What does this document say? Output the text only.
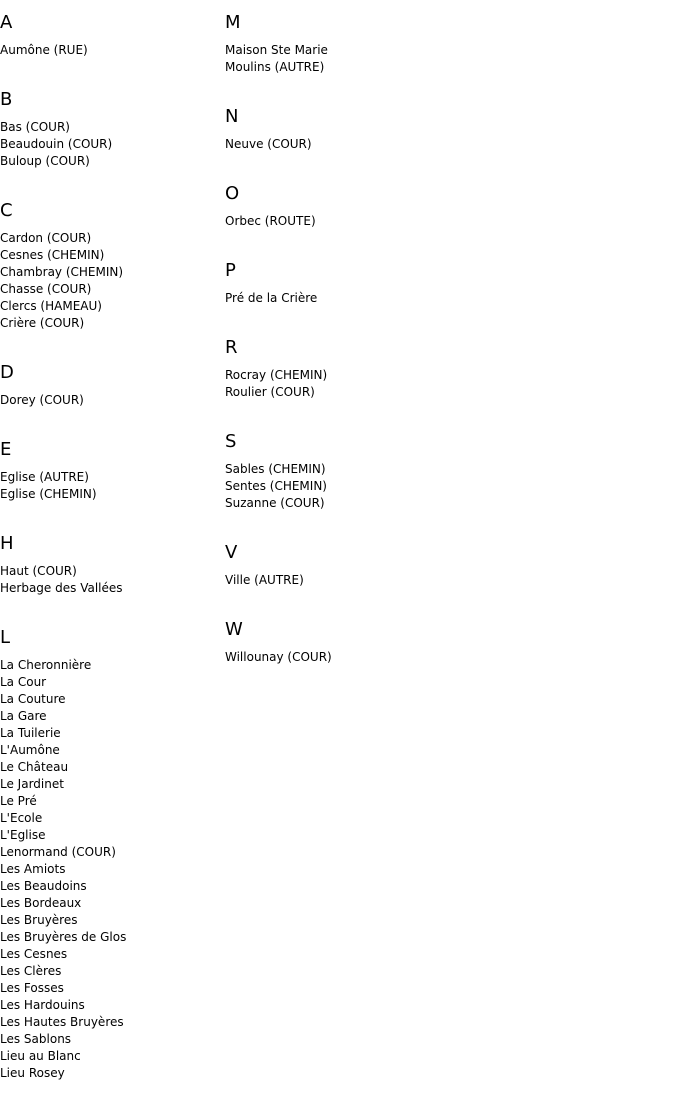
A
Aumône (RUE)
B
Bas (COUR)
Beaudouin (COUR)
Buloup (COUR)
C
Cardon (COUR)
Cesnes (CHEMIN)
Chambray (CHEMIN)
Chasse (COUR)
Clercs (HAMEAU)
Crière (COUR)
D
Dorey (COUR)
E
Eglise (AUTRE)
Eglise (CHEMIN)
H
Haut (COUR)
Herbage des Vallées
L
La Cheronnière
La Cour
La Couture
La Gare
La Tuilerie
L'Aumône
Le Château
Le Jardinet
Le Pré
L'Ecole
L'Eglise
Lenormand (COUR)
Les Amiots
Les Beaudoins
Les Bordeaux
Les Bruyères
Les Bruyères de Glos
Les Cesnes
Les Clères
Les Fosses
Les Hardouins
Les Hautes Bruyères
Les Sablons
Lieu au Blanc
Lieu Rosey
M
Maison Ste Marie
Moulins (AUTRE)
N
Neuve (COUR)
O
Orbec (ROUTE)
P
Pré de la Crière
R
Rocray (CHEMIN)
Roulier (COUR)
S
Sables (CHEMIN)
Sentes (CHEMIN)
Suzanne (COUR)
V
Ville (AUTRE)
W
Willounay (COUR)
